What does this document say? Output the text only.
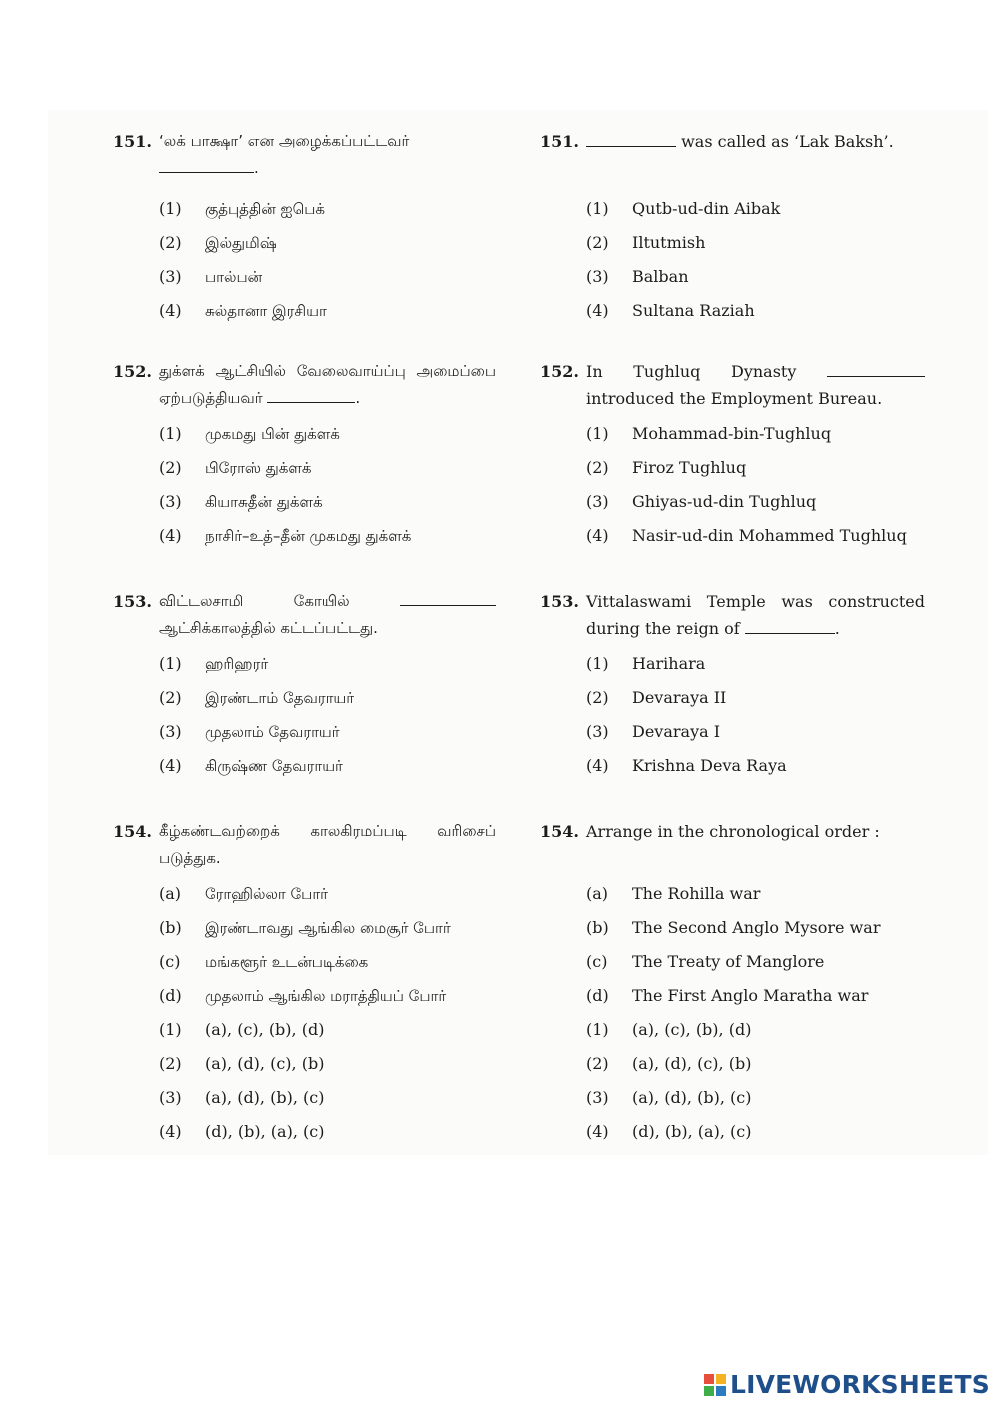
151. ‘லக் பாக்ஷா’ என அழைக்கப்பட்டவர்
.
(1)	குத்புத்தின் ஐபெக்
(2)	இல்துமிஷ்
(3)	பால்பன்
(4)	சுல்தானா இரசியா
152. துக்ளக் ஆட்சியில் வேலைவாய்ப்பு அமைப்பை ஏற்படுத்தியவர்	.
(1)	முகமது பின் துக்ளக்
(2)	பிரோஸ் துக்ளக்
(3)	கியாசுதீன் துக்ளக்
(4)	நாசிர்–உத்–தீன் முகமது துக்ளக்
153. விட்டலசாமி கோயில்  ஆட்சிக்காலத்தில் கட்டப்பட்டது.
(1)	ஹரிஹரர்
(2)	இரண்டாம் தேவராயர்
(3)	முதலாம் தேவராயர்
(4)	கிருஷ்ண தேவராயர்
154. கீழ்கண்டவற்றைக் காலகிரமப்படி வரிசைப் படுத்துக.
(a)	ரோஹில்லா போர்
(b)	இரண்டாவது ஆங்கில மைசூர் போர்
(c)	மங்களூர் உடன்படிக்கை
(d)	முதலாம் ஆங்கில மராத்தியப் போர்
(1)	(a), (c), (b), (d)
(2)	(a), (d), (c), (b)
(3)	(a), (d), (b), (c)
(4)	(d), (b), (a), (c)
151.	was called as ‘Lak Baksh’.
(1)	Qutb-ud-din Aibak
(2)	Iltutmish
(3)	Balban
(4)	Sultana Raziah
152. In Tughluq Dynasty  introduced the Employment Bureau.
(1)	Mohammad-bin-Tughluq
(2)	Firoz Tughluq
(3)	Ghiyas-ud-din Tughluq
(4)	Nasir-ud-din Mohammed Tughluq
153. Vittalaswami Temple was constructed during the reign of	.
(1)	Harihara
(2)	Devaraya II
(3)	Devaraya I
(4)	Krishna Deva Raya
154. Arrange in the chronological order :
(a)	The Rohilla war
(b)	The Second Anglo Mysore war
(c)	The Treaty of Manglore
(d)	The First Anglo Maratha war
(1)	(a), (c), (b), (d)
(2)	(a), (d), (c), (b)
(3)	(a), (d), (b), (c)
(4)	(d), (b), (a), (c)
LIVEWORKSHEETS
